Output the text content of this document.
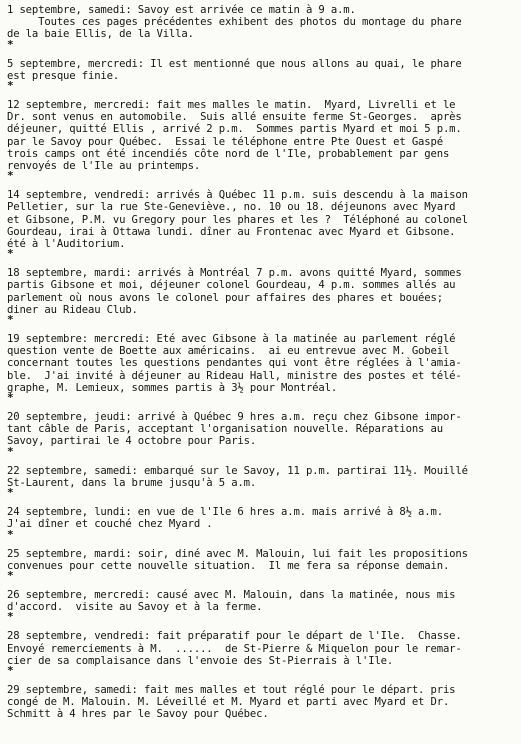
1 septembre, samedi: Savoy est arrivée ce matin à 9 a.m.
Toutes ces pages précédentes exhibent des photos du montage du phare
de la baie Ellis, de la Villa.
*
5 septembre, mercredi: Il est mentionné que nous allons au quai, le phare
est presque finie.
*
12 septembre, mercredi: fait mes malles le matin.  Myard, Livrelli et le
Dr. sont venus en automobile.  Suis allé ensuite ferme St-Georges.  après
déjeuner, quitté Ellis , arrivé 2 p.m.  Sommes partis Myard et moi 5 p.m.
par le Savoy pour Québec.  Essai le téléphone entre Pte Ouest et Gaspé
trois camps ont été incendiés côte nord de l'Ile, probablement par gens
renvoyés de l'Ile au printemps.
*
14 septembre, vendredi: arrivés à Québec 11 p.m. suis descendu à la maison
Pelletier, sur la rue Ste-Geneviève., no. 10 ou 18. déjeunons avec Myard
et Gibsone, P.M. vu Gregory pour les phares et les ?  Téléphoné au colonel
Gourdeau, irai à Ottawa lundi. dîner au Frontenac avec Myard et Gibsone.
été à l'Auditorium.
*
18 septembre, mardi: arrivés à Montréal 7 p.m. avons quitté Myard, sommes
partis Gibsone et moi, déjeuner colonel Gourdeau, 4 p.m. sommes allés au
parlement où nous avons le colonel pour affaires des phares et bouées;
diner au Rideau Club.
*
19 septembre: mercredi: Eté avec Gibsone à la matinée au parlement réglé
question vente de Boette aux américains.  ai eu entrevue avec M. Gobeil
concernant toutes les questions pendantes qui vont être réglées à l'amia-
ble.  J'ai invité à déjeuner au Rideau Hall, ministre des postes et télé-
graphe, M. Lemieux, sommes partis à 3½ pour Montréal.
*
20 septembre, jeudi: arrivé à Québec 9 hres a.m. reçu chez Gibsone impor-
tant câble de Paris, acceptant l'organisation nouvelle. Réparations au
Savoy, partirai le 4 octobre pour Paris.
*
22 septembre, samedi: embarqué sur le Savoy, 11 p.m. partirai 11½. Mouillé
St-Laurent, dans la brume jusqu'à 5 a.m.
*
24 septembre, lundi: en vue de l'Ile 6 hres a.m. mais arrivé à 8½ a.m.
J'ai dîner et couché chez Myard .
*
25 septembre, mardi: soir, diné avec M. Malouin, lui fait les propositions
convenues pour cette nouvelle situation.  Il me fera sa réponse demain.
*
26 septembre, mercredi: causé avec M. Malouin, dans la matinée, nous mis
d'accord.  visite au Savoy et à la ferme.
*
28 septembre, vendredi: fait préparatif pour le départ de l'Ile.  Chasse.
Envoyé remerciements à M.  ......  de St-Pierre & Miquelon pour le remar-
cier de sa complaisance dans l'envoie des St-Pierrais à l'Ile.
*
29 septembre, samedi: fait mes malles et tout réglé pour le départ. pris
congé de M. Malouin. M. Léveillé et M. Myard et parti avec Myard et Dr.
Schmitt à 4 hres par le Savoy pour Québec.
